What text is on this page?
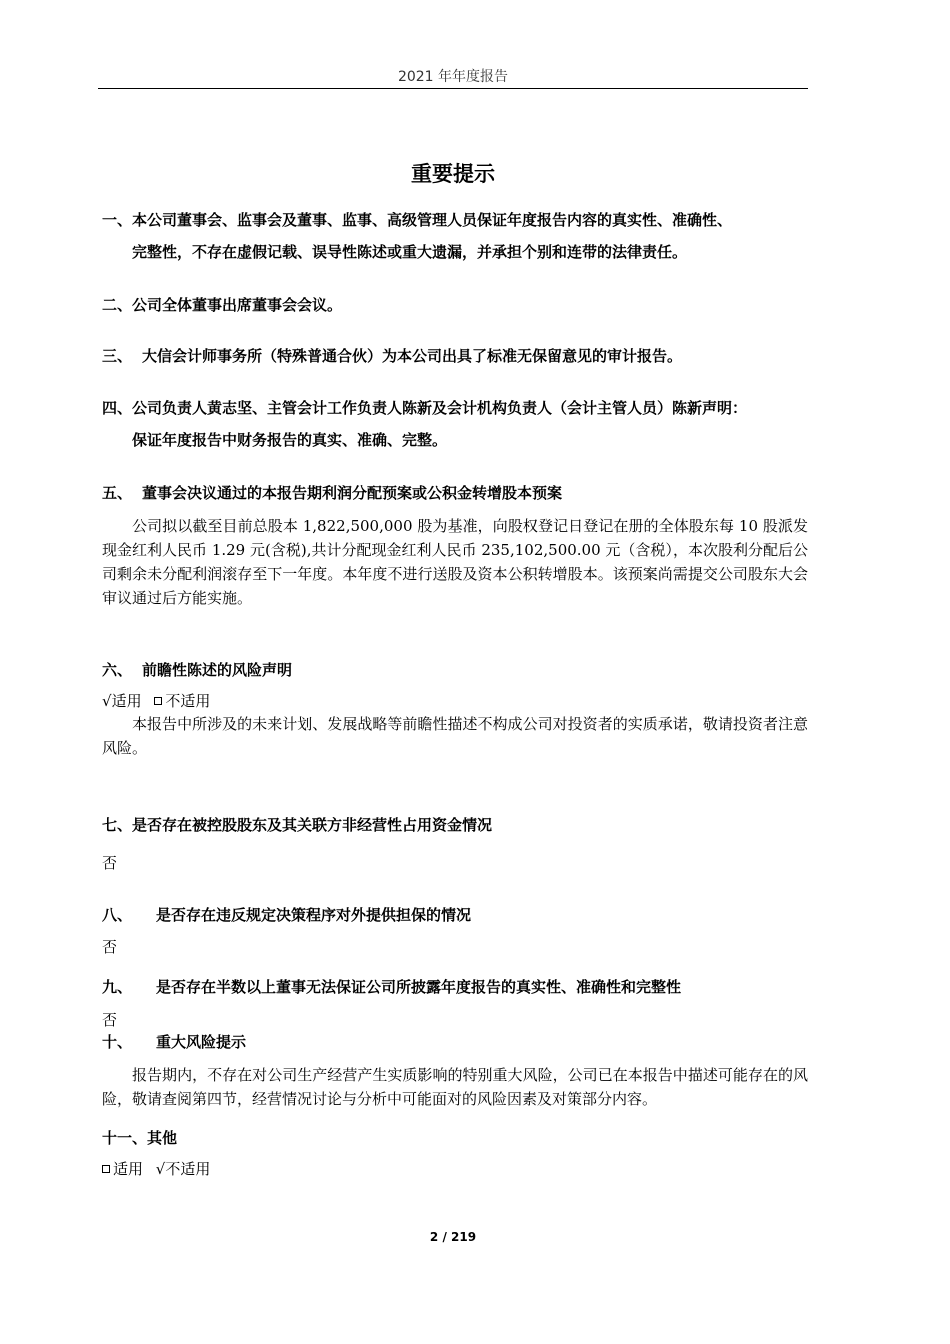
2021 年年度报告
重要提示
一、本公司董事会、监事会及董事、监事、高级管理人员保证年度报告内容的真实性、准确性、
完整性，不存在虚假记载、误导性陈述或重大遗漏，并承担个别和连带的法律责任。
二、公司全体董事出席董事会会议。
三、 大信会计师事务所（特殊普通合伙）为本公司出具了标准无保留意见的审计报告。
四、公司负责人黄志坚、主管会计工作负责人陈新及会计机构负责人（会计主管人员）陈新声明：
保证年度报告中财务报告的真实、准确、完整。
五、 董事会决议通过的本报告期利润分配预案或公积金转增股本预案
公司拟以截至目前总股本 1,822,500,000 股为基准，向股权登记日登记在册的全体股东每 10 股派发现金红利人民币 1.29 元(含税),共计分配现金红利人民币 235,102,500.00 元（含税），本次股利分配后公司剩余未分配利润滚存至下一年度。本年度不进行送股及资本公积转增股本。该预案尚需提交公司股东大会审议通过后方能实施。
六、 前瞻性陈述的风险声明
√适用 不适用
本报告中所涉及的未来计划、发展战略等前瞻性描述不构成公司对投资者的实质承诺，敬请投资者注意风险。
七、是否存在被控股股东及其关联方非经营性占用资金情况
否
八、 是否存在违反规定决策程序对外提供担保的情况
否
九、 是否存在半数以上董事无法保证公司所披露年度报告的真实性、准确性和完整性
否
十、 重大风险提示
报告期内，不存在对公司生产经营产生实质影响的特别重大风险，公司已在本报告中描述可能存在的风险，敬请查阅第四节，经营情况讨论与分析中可能面对的风险因素及对策部分内容。
十一、其他
适用 √不适用
2 / 219
